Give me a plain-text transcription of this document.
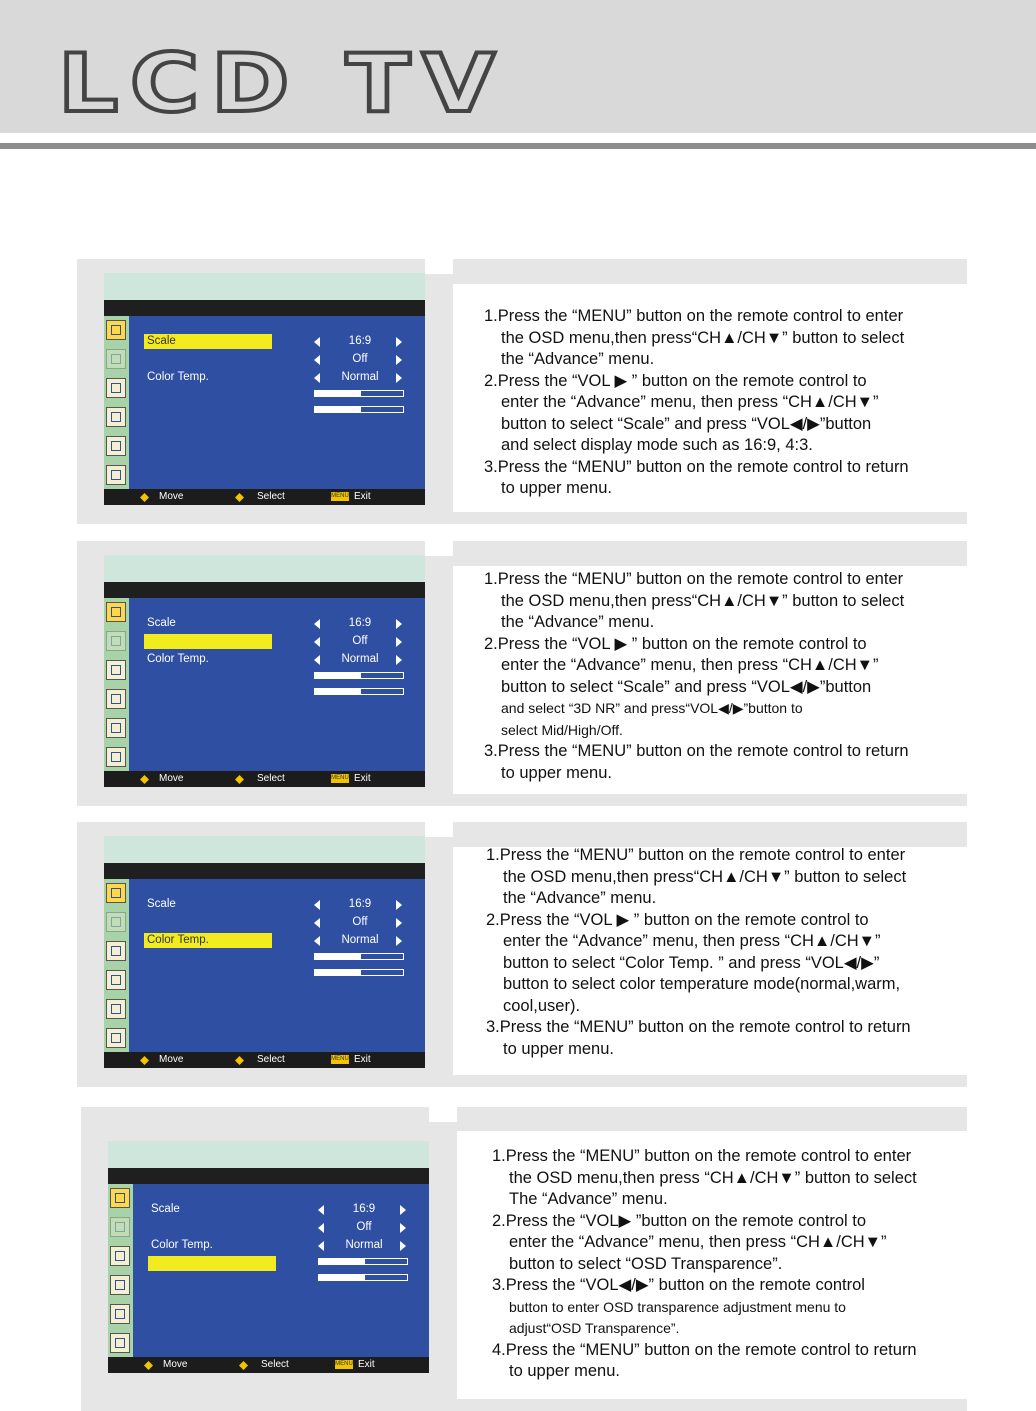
LCD TV
Scale
Color Temp.
16:9
Off
Normal
Move	Select	MENU Exit

1.Press the “MENU” button on the remote control to enter

the OSD menu,then press“CH▲/CH▼” button to select

the “Advance” menu.

2.Press the “VOL ▶ ” button on the remote control to

enter the “Advance” menu, then press “CH▲/CH▼”

button to select “Scale” and press “VOL◀/▶”button

and select display mode such as 16:9, 4:3.

3.Press the “MENU” button on the remote control to return

to upper menu.

Scale
Color Temp.
16:9
Off
Normal
Move	Select	MENU Exit

1.Press the “MENU” button on the remote control to enter

the OSD menu,then press“CH▲/CH▼” button to select

the “Advance” menu.

2.Press the “VOL ▶ ” button on the remote control to

enter the “Advance” menu, then press “CH▲/CH▼”

button to select “Scale” and press “VOL◀/▶”button

and select “3D NR” and press“VOL◀/▶”button to

select Mid/High/Off.

3.Press the “MENU” button on the remote control to return

to upper menu.

Scale
Color Temp.
16:9
Off
Normal
Move	Select	MENU Exit

1.Press the “MENU” button on the remote control to enter

the OSD menu,then press“CH▲/CH▼” button to select

the “Advance” menu.

2.Press the “VOL ▶ ” button on the remote control to

enter the “Advance” menu, then press “CH▲/CH▼”

button to select “Color Temp. ” and press “VOL◀/▶”

button to select color temperature mode(normal,warm,

cool,user).

3.Press the “MENU” button on the remote control to return

to upper menu.

Scale
Color Temp.
16:9
Off
Normal
Move	Select	MENU Exit

1.Press the “MENU” button on the remote control to enter

the OSD menu,then press “CH▲/CH▼” button to select

The “Advance” menu.

2.Press the “VOL▶ ”button on the remote control to

enter the “Advance” menu, then press “CH▲/CH▼”

button to select “OSD Transparence”.

3.Press the “VOL◀/▶” button on the remote control

button to enter OSD transparence adjustment menu to

adjust“OSD Transparence”.

4.Press the “MENU” button on the remote control to return

to upper menu.
